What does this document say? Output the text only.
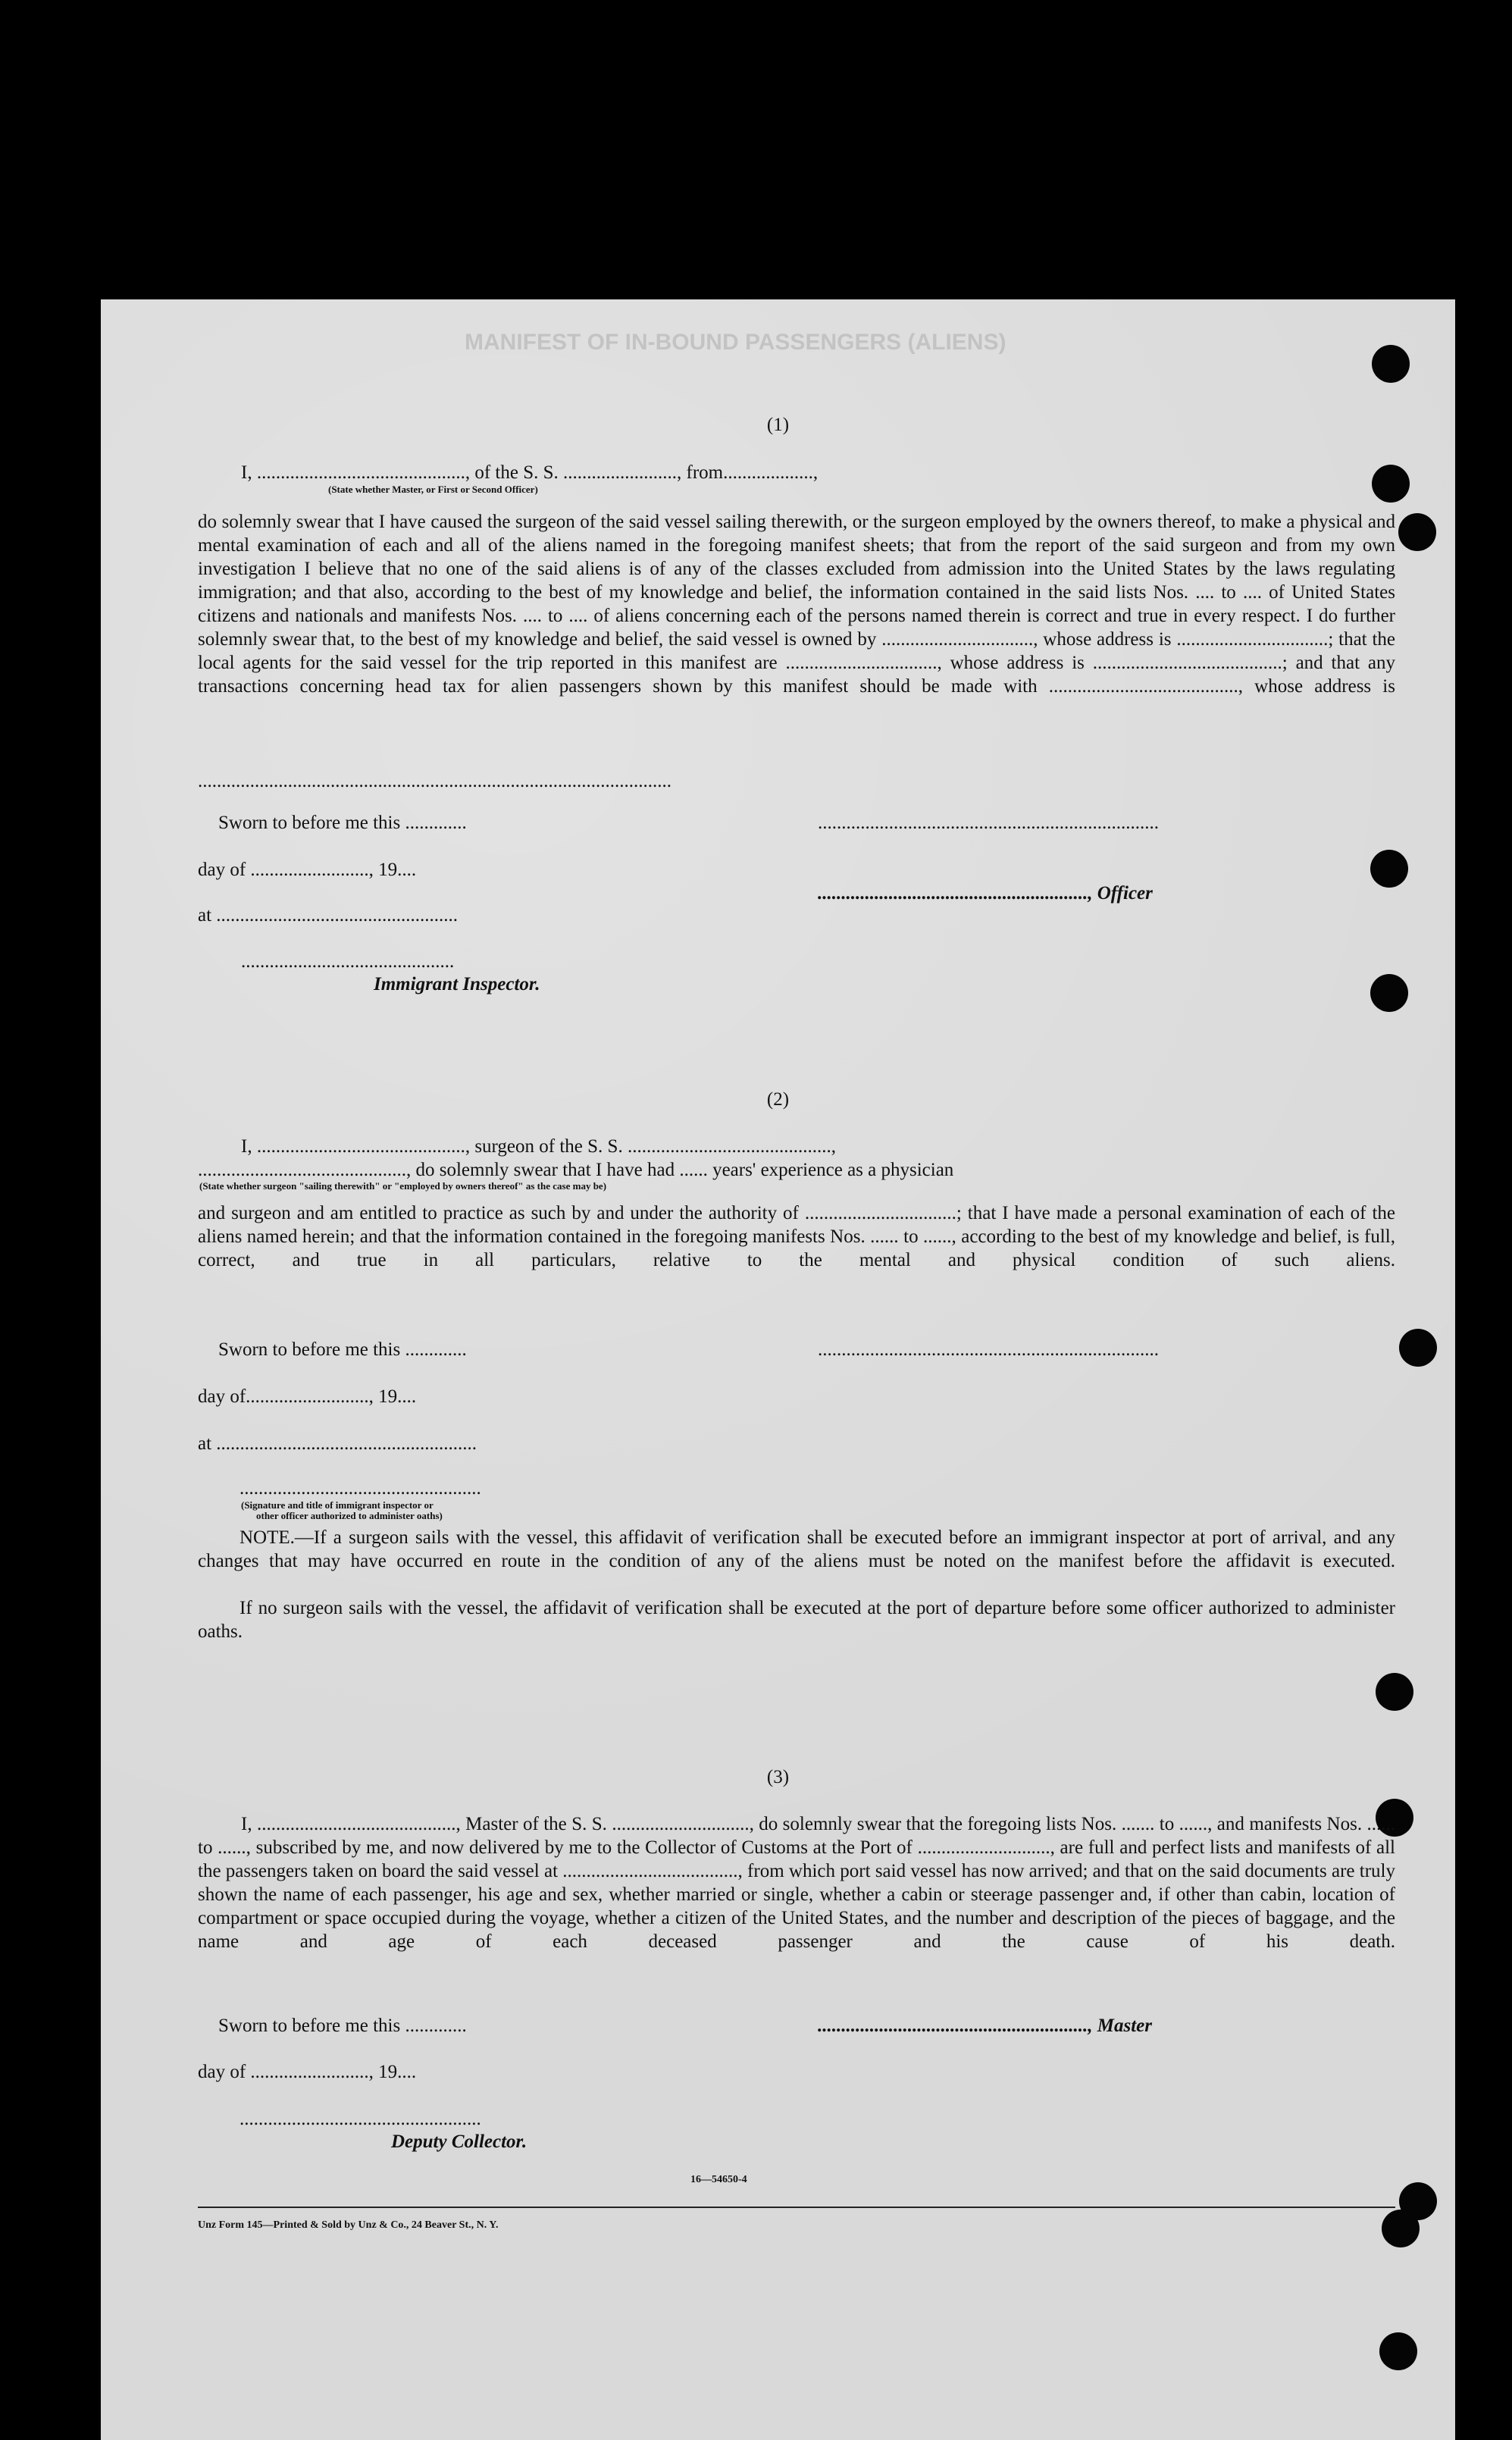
MANIFEST OF IN-BOUND PASSENGERS (ALIENS)
(1)
I, ............................................, of the S. S. ........................, from...................,
(State whether Master, or First or Second Officer)
do solemnly swear that I have caused the surgeon of the said vessel sailing therewith, or the surgeon employed by the owners thereof, to make a physical and mental examination of each and all of the aliens named in the foregoing manifest sheets; that from the report of the said surgeon and from my own investigation I believe that no one of the said aliens is of any of the classes excluded from admission into the United States by the laws regulating immigration; and that also, according to the best of my knowledge and belief, the information contained in the said lists Nos. .... to .... of United States citizens and nationals and manifests Nos. .... to .... of aliens concerning each of the persons named therein is correct and true in every respect. I do further solemnly swear that, to the best of my knowledge and belief, the said vessel is owned by ................................, whose address is ................................; that the local agents for the said vessel for the trip reported in this manifest are ................................, whose address is ........................................; and that any transactions concerning head tax for alien passengers shown by this manifest should be made with ........................................, whose address is
....................................................................................................
Sworn to before me this .............	........................................................................
day of ........................., 19....
........................................................., Officer
at ...................................................
.............................................
Immigrant Inspector.
(2)
I, ............................................, surgeon of the S. S. ...........................................,
............................................, do solemnly swear that I have had ...... years' experience as a physician
(State whether surgeon "sailing therewith" or "employed by owners thereof" as the case may be)
and surgeon and am entitled to practice as such by and under the authority of ................................; that I have made a personal examination of each of the aliens named herein; and that the information contained in the foregoing manifests Nos. ...... to ......, according to the best of my knowledge and belief, is full, correct, and true in all particulars, relative to the mental and physical condition of such aliens.
Sworn to before me this .............	........................................................................
day of.........................., 19....
at .......................................................
...................................................
(Signature and title of immigrant inspector or
other officer authorized to administer oaths)
NOTE.—If a surgeon sails with the vessel, this affidavit of verification shall be executed before an immigrant inspector at port of arrival, and any changes that may have occurred en route in the condition of any of the aliens must be noted on the manifest before the affidavit is executed.
If no surgeon sails with the vessel, the affidavit of verification shall be executed at the port of departure before some officer authorized to administer oaths.
(3)
I, .........................................., Master of the S. S. ............................., do solemnly swear that the foregoing lists Nos. ....... to ......, and manifests Nos. ...... to ......, subscribed by me, and now delivered by me to the Collector of Customs at the Port of ............................, are full and perfect lists and manifests of all the passengers taken on board the said vessel at ....................................., from which port said vessel has now arrived; and that on the said documents are truly shown the name of each passenger, his age and sex, whether married or single, whether a cabin or steerage passenger and, if other than cabin, location of compartment or space occupied during the voyage, whether a citizen of the United States, and the number and description of the pieces of baggage, and the name and age of each deceased passenger and the cause of his death.
Sworn to before me this .............	........................................................., Master
day of ........................., 19....
...................................................
Deputy Collector.
16—54650-4
Unz Form 145—Printed & Sold by Unz & Co., 24 Beaver St., N. Y.
